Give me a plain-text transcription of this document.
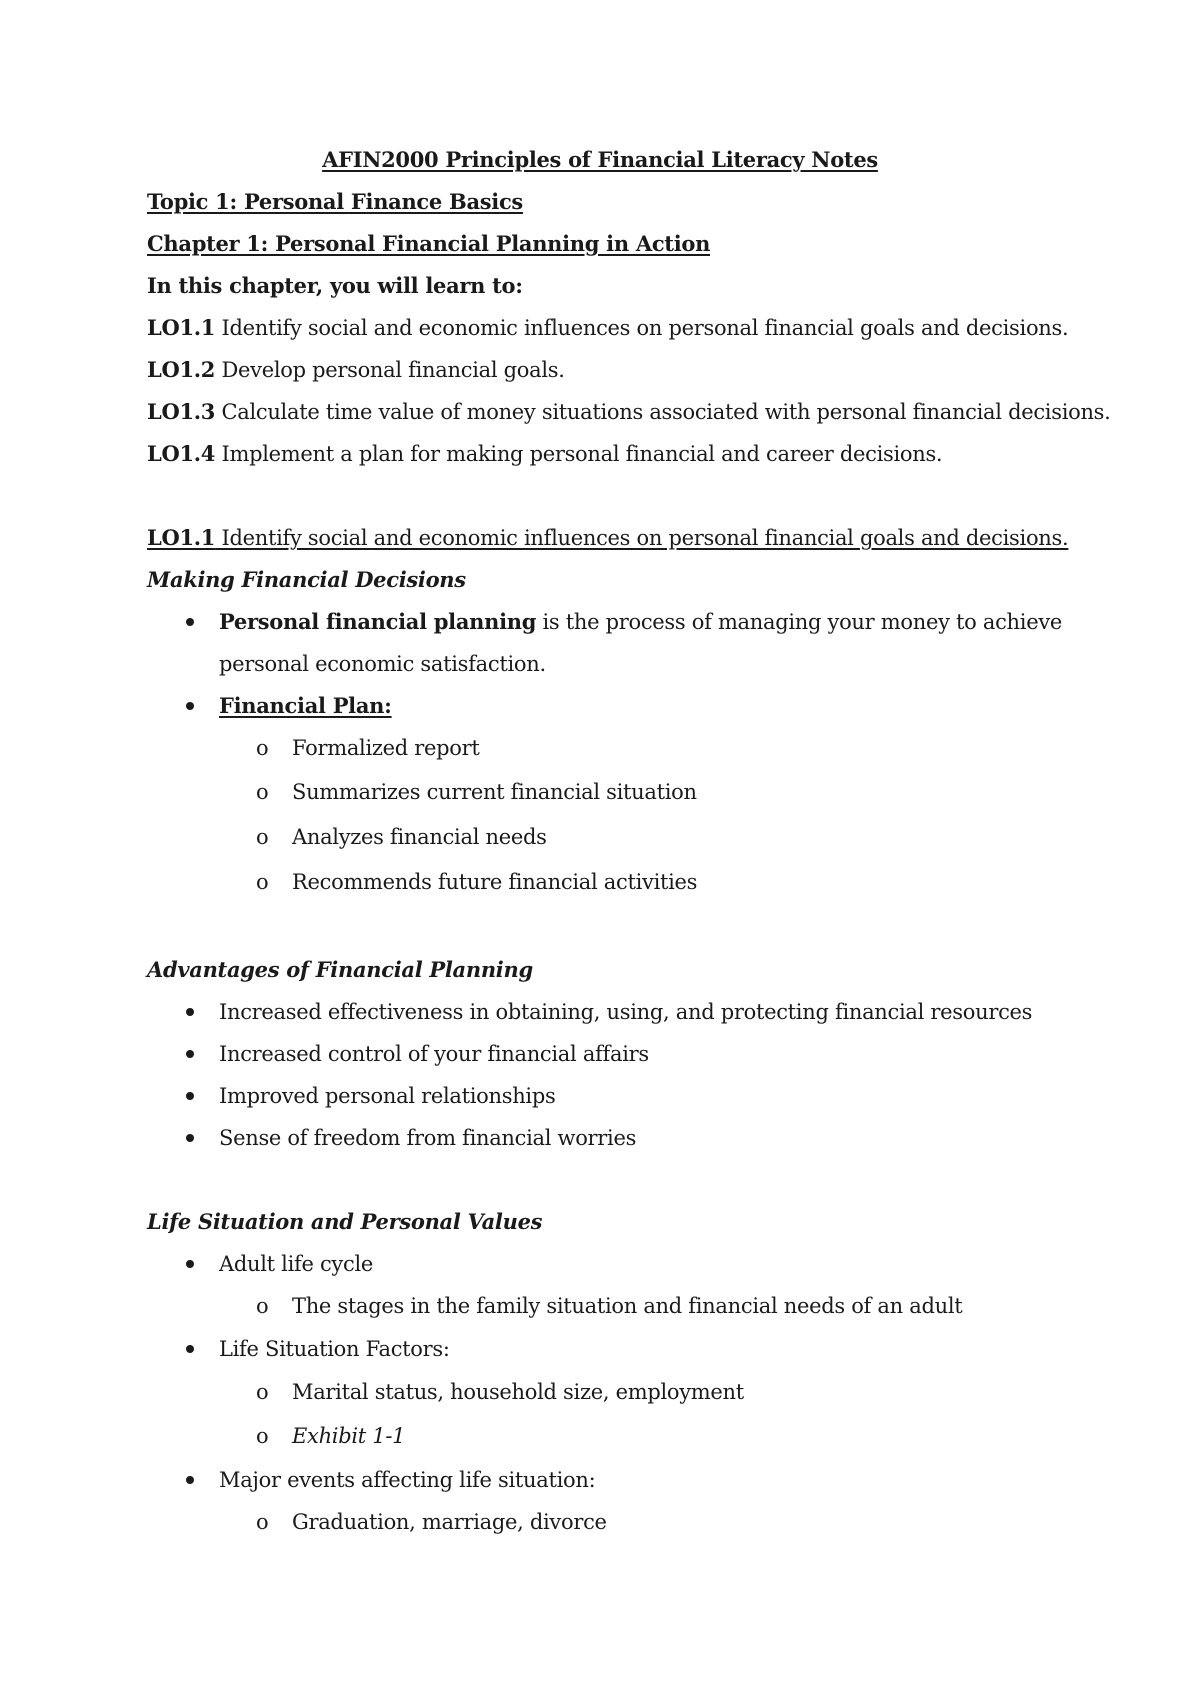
AFIN2000 Principles of Financial Literacy Notes
Topic 1: Personal Finance Basics
Chapter 1: Personal Financial Planning in Action
In this chapter, you will learn to:
LO1.1 Identify social and economic influences on personal financial goals and decisions.
LO1.2 Develop personal financial goals.
LO1.3 Calculate time value of money situations associated with personal financial decisions.
LO1.4 Implement a plan for making personal financial and career decisions.
LO1.1 Identify social and economic influences on personal financial goals and decisions.
Making Financial Decisions
Personal financial planning is the process of managing your money to achieve
personal economic satisfaction.
Financial Plan:
o Formalized report
o Summarizes current financial situation
o Analyzes financial needs
o Recommends future financial activities
Advantages of Financial Planning
Increased effectiveness in obtaining, using, and protecting financial resources
Increased control of your financial affairs
Improved personal relationships
Sense of freedom from financial worries
Life Situation and Personal Values
Adult life cycle
o The stages in the family situation and financial needs of an adult
Life Situation Factors:
o Marital status, household size, employment
o Exhibit 1-1
Major events affecting life situation:
o Graduation, marriage, divorce
